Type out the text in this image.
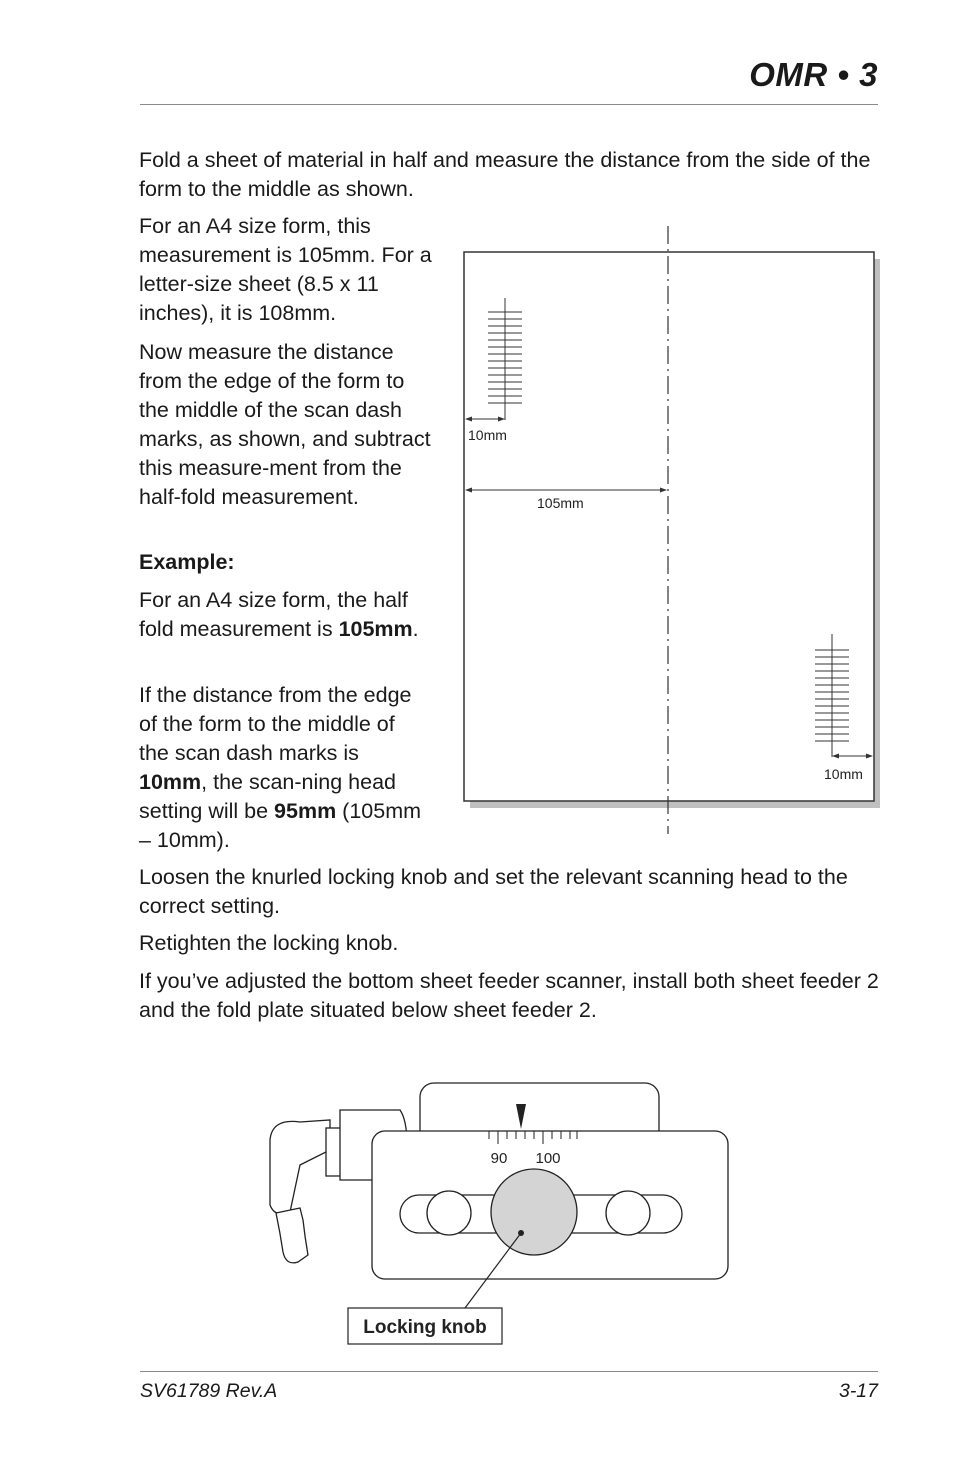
OMR • 3

Fold a sheet of material in half and measure the distance from the side of the form to the middle as shown.

For an A4 size form, this measurement is 105mm. For a letter-size sheet (8.5 x 11 inches), it is 108mm.

Now measure the distance from the edge of the form to the middle of the scan dash marks, as shown, and subtract this measure-ment from the half-fold measurement.

Example:

For an A4 size form, the half fold measurement is 105mm.

If the distance from the edge of the form to the middle of the scan dash marks is 10mm, the scan-ning head setting will be 95mm (105mm – 10mm).

Loosen the knurled locking knob and set the relevant scanning head to the correct setting.

Retighten the locking knob.

If you’ve adjusted the bottom sheet feeder scanner, install both sheet feeder 2 and the fold plate situated below sheet feeder 2.

10mm
105mm
10mm
90 100
Locking knob
SV61789 Rev.A	3-17
